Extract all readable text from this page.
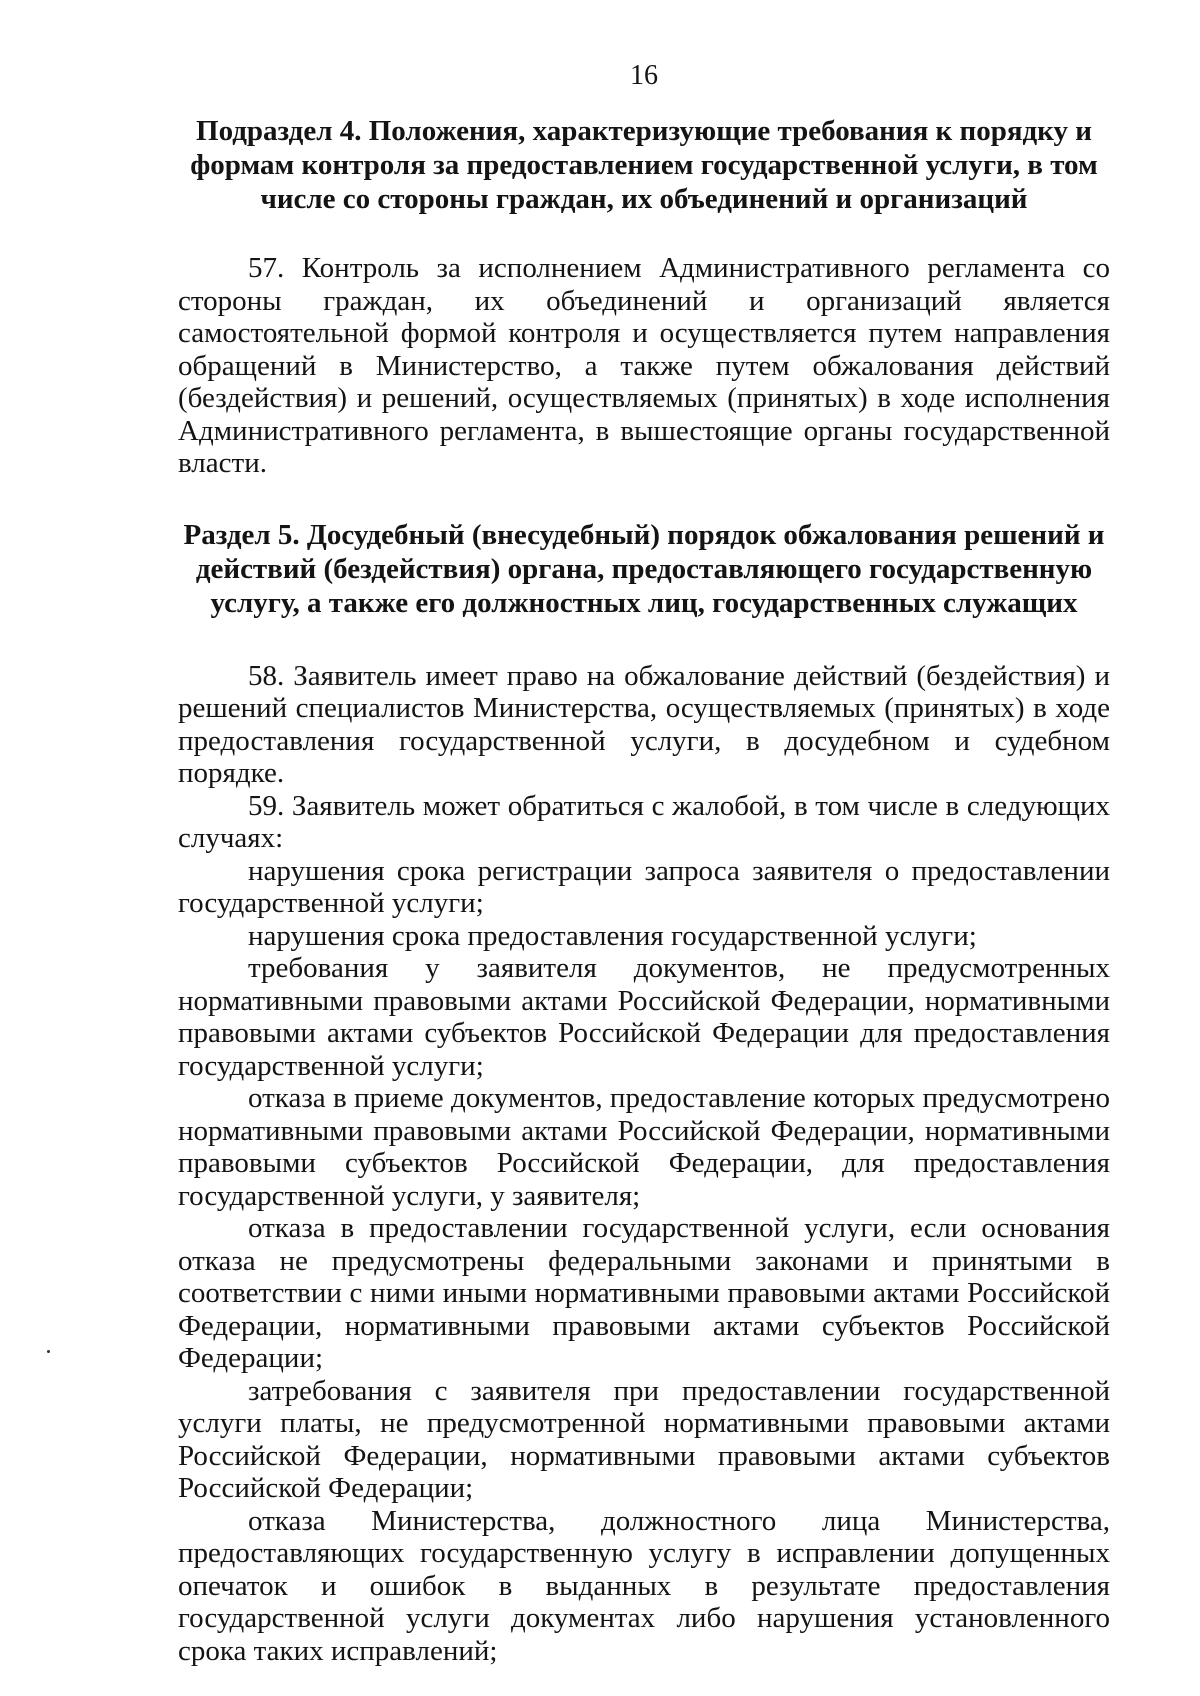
16
Подраздел 4. Положения, характеризующие требования к порядку и формам контроля за предоставлением государственной услуги, в том числе со стороны граждан, их объединений и организаций

57. Контроль за исполнением Административного регламента со стороны граждан, их объединений и организаций является самостоятельной формой контроля и осуществляется путем направления обращений в Министерство, а также путем обжалования действий (бездействия) и решений, осуществляемых (принятых) в ходе исполнения Административного регламента, в вышестоящие органы государственной власти.

Раздел 5. Досудебный (внесудебный) порядок обжалования решений и действий (бездействия) органа, предоставляющего государственную услугу, а также его должностных лиц, государственных служащих

58. Заявитель имеет право на обжалование действий (бездействия) и решений специалистов Министерства, осуществляемых (принятых) в ходе предоставления государственной услуги, в досудебном и судебном порядке.

59. Заявитель может обратиться с жалобой, в том числе в следующих случаях:

нарушения срока регистрации запроса заявителя о предоставлении государственной услуги;

нарушения срока предоставления государственной услуги;

требования у заявителя документов, не предусмотренных нормативными правовыми актами Российской Федерации, нормативными правовыми актами субъектов Российской Федерации для предоставления государственной услуги;

отказа в приеме документов, предоставление которых предусмотрено нормативными правовыми актами Российской Федерации, нормативными правовыми субъектов Российской Федерации, для предоставления государственной услуги, у заявителя;

отказа в предоставлении государственной услуги, если основания отказа не предусмотрены федеральными законами и принятыми в соответствии с ними иными нормативными правовыми актами Российской Федерации, нормативными правовыми актами субъектов Российской Федерации;

затребования с заявителя при предоставлении государственной услуги платы, не предусмотренной нормативными правовыми актами Российской Федерации, нормативными правовыми актами субъектов Российской Федерации;

отказа Министерства, должностного лица Министерства, предоставляющих государственную услугу в исправлении допущенных опечаток и ошибок в выданных в результате предоставления государственной услуги документах либо нарушения установленного срока таких исправлений;
